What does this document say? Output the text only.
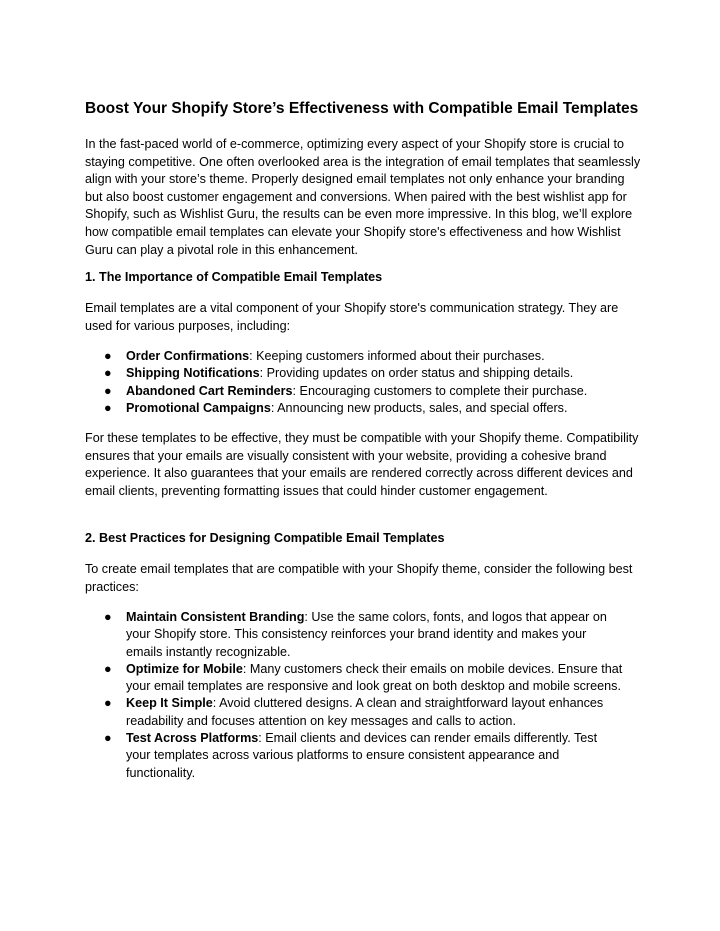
Boost Your Shopify Store’s Effectiveness with Compatible Email Templates

In the fast-paced world of e-commerce, optimizing every aspect of your Shopify store is crucial to staying competitive. One often overlooked area is the integration of email templates that seamlessly align with your store’s theme. Properly designed email templates not only enhance your branding but also boost customer engagement and conversions. When paired with the best wishlist app for Shopify, such as Wishlist Guru, the results can be even more impressive. In this blog, we’ll explore how compatible email templates can elevate your Shopify store's effectiveness and how Wishlist Guru can play a pivotal role in this enhancement.

1. The Importance of Compatible Email Templates

Email templates are a vital component of your Shopify store's communication strategy. They are used for various purposes, including:

● Order Confirmations: Keeping customers informed about their purchases.
● Shipping Notifications: Providing updates on order status and shipping details.
● Abandoned Cart Reminders: Encouraging customers to complete their purchase.
● Promotional Campaigns: Announcing new products, sales, and special offers.

For these templates to be effective, they must be compatible with your Shopify theme. Compatibility ensures that your emails are visually consistent with your website, providing a cohesive brand experience. It also guarantees that your emails are rendered correctly across different devices and email clients, preventing formatting issues that could hinder customer engagement.

2. Best Practices for Designing Compatible Email Templates

To create email templates that are compatible with your Shopify theme, consider the following best practices:

● Maintain Consistent Branding: Use the same colors, fonts, and logos that appear on your Shopify store. This consistency reinforces your brand identity and makes your emails instantly recognizable.
● Optimize for Mobile: Many customers check their emails on mobile devices. Ensure that your email templates are responsive and look great on both desktop and mobile screens.
● Keep It Simple: Avoid cluttered designs. A clean and straightforward layout enhances readability and focuses attention on key messages and calls to action.
● Test Across Platforms: Email clients and devices can render emails differently. Test your templates across various platforms to ensure consistent appearance and functionality.
